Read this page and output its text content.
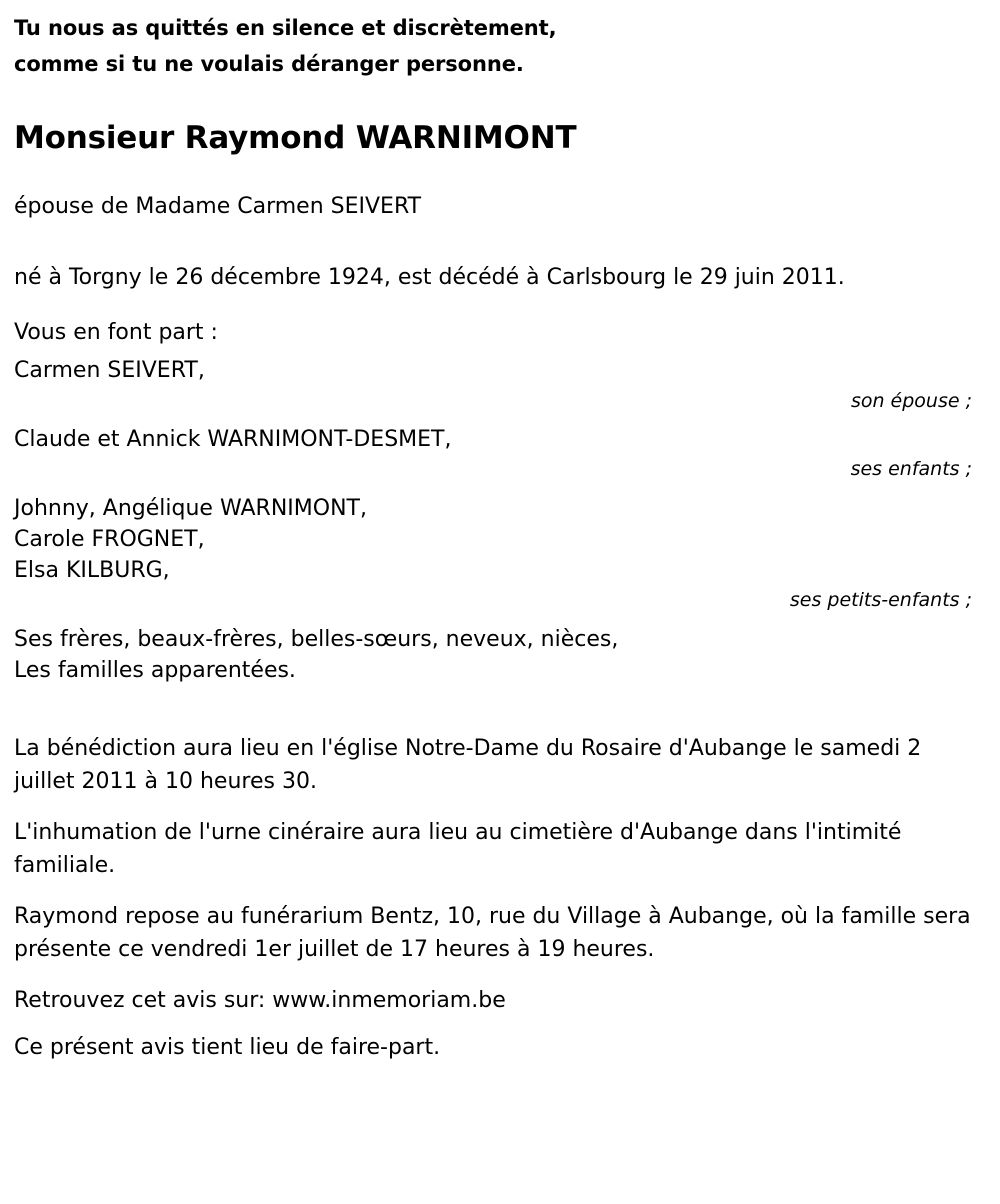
Tu nous as quittés en silence et discrètement,
comme si tu ne voulais déranger personne.
Monsieur Raymond WARNIMONT
épouse de Madame Carmen SEIVERT
né à Torgny le 26 décembre 1924, est décédé à Carlsbourg le 29 juin 2011.
Vous en font part :
Carmen SEIVERT,
son épouse ;
Claude et Annick WARNIMONT-DESMET,
ses enfants ;
Johnny, Angélique WARNIMONT,
Carole FROGNET,
Elsa KILBURG,
ses petits-enfants ;
Ses frères, beaux-frères, belles-sœurs, neveux, nièces,
Les familles apparentées.
La bénédiction aura lieu en l'église Notre-Dame du Rosaire d'Aubange le samedi 2 juillet 2011 à 10 heures 30.
L'inhumation de l'urne cinéraire aura lieu au cimetière d'Aubange dans l'intimité familiale.
Raymond repose au funérarium Bentz, 10, rue du Village à Aubange, où la famille sera présente ce vendredi 1er juillet de 17 heures à 19 heures.
Retrouvez cet avis sur: www.inmemoriam.be
Ce présent avis tient lieu de faire-part.
